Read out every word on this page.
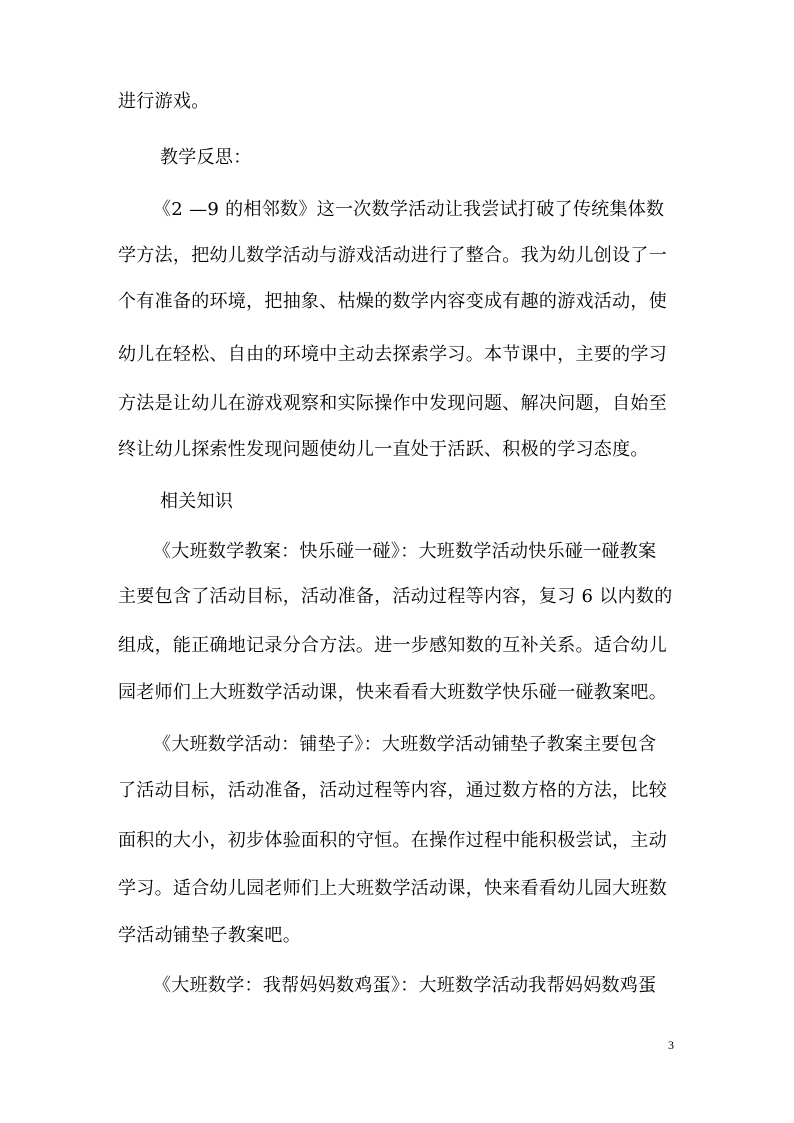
进行游戏。
教学反思：
《2 —9 的相邻数》这一次数学活动让我尝试打破了传统集体数
学方法，把幼儿数学活动与游戏活动进行了整合。我为幼儿创设了一
个有准备的环境，把抽象、枯燥的数学内容变成有趣的游戏活动，使
幼儿在轻松、自由的环境中主动去探索学习。本节课中，主要的学习
方法是让幼儿在游戏观察和实际操作中发现问题、解决问题，自始至
终让幼儿探索性发现问题使幼儿一直处于活跃、积极的学习态度。
相关知识
《大班数学教案：快乐碰一碰》：大班数学活动快乐碰一碰教案
主要包含了活动目标，活动准备，活动过程等内容，复习 6 以内数的
组成，能正确地记录分合方法。进一步感知数的互补关系。适合幼儿
园老师们上大班数学活动课，快来看看大班数学快乐碰一碰教案吧。
《大班数学活动：铺垫子》：大班数学活动铺垫子教案主要包含
了活动目标，活动准备，活动过程等内容，通过数方格的方法，比较
面积的大小，初步体验面积的守恒。在操作过程中能积极尝试，主动
学习。适合幼儿园老师们上大班数学活动课，快来看看幼儿园大班数
学活动铺垫子教案吧。
《大班数学：我帮妈妈数鸡蛋》：大班数学活动我帮妈妈数鸡蛋
3
